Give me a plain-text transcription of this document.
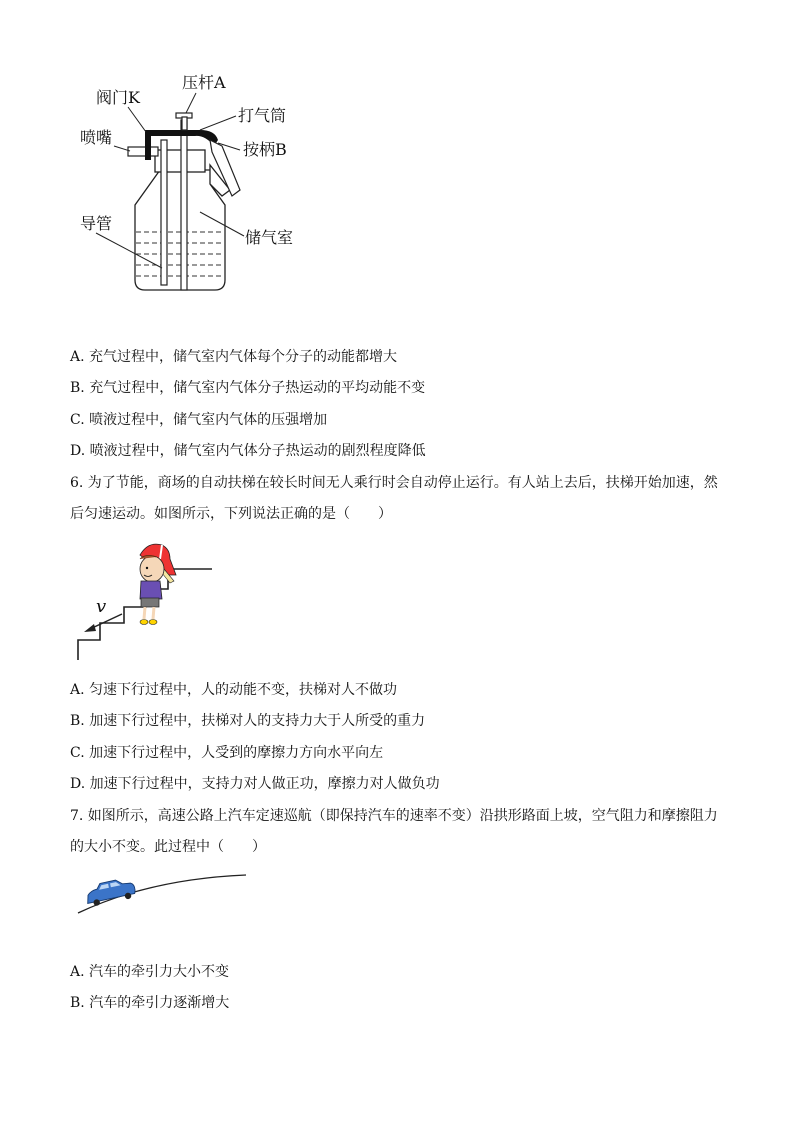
压杆A
阀门K
打气筒
喷嘴
按柄B
导管
储气室
A. 充气过程中，储气室内气体每个分子的动能都增大
B. 充气过程中，储气室内气体分子热运动的平均动能不变
C. 喷液过程中，储气室内气体的压强增加
D. 喷液过程中，储气室内气体分子热运动的剧烈程度降低
6. 为了节能，商场的自动扶梯在较长时间无人乘行时会自动停止运行。有人站上去后，扶梯开始加速，然
后匀速运动。如图所示，下列说法正确的是（　　）
v
A. 匀速下行过程中，人的动能不变，扶梯对人不做功
B. 加速下行过程中，扶梯对人的支持力大于人所受的重力
C. 加速下行过程中，人受到的摩擦力方向水平向左
D. 加速下行过程中，支持力对人做正功，摩擦力对人做负功
7. 如图所示，高速公路上汽车定速巡航（即保持汽车的速率不变）沿拱形路面上坡，空气阻力和摩擦阻力
的大小不变。此过程中（　　）
A. 汽车的牵引力大小不变
B. 汽车的牵引力逐渐增大
